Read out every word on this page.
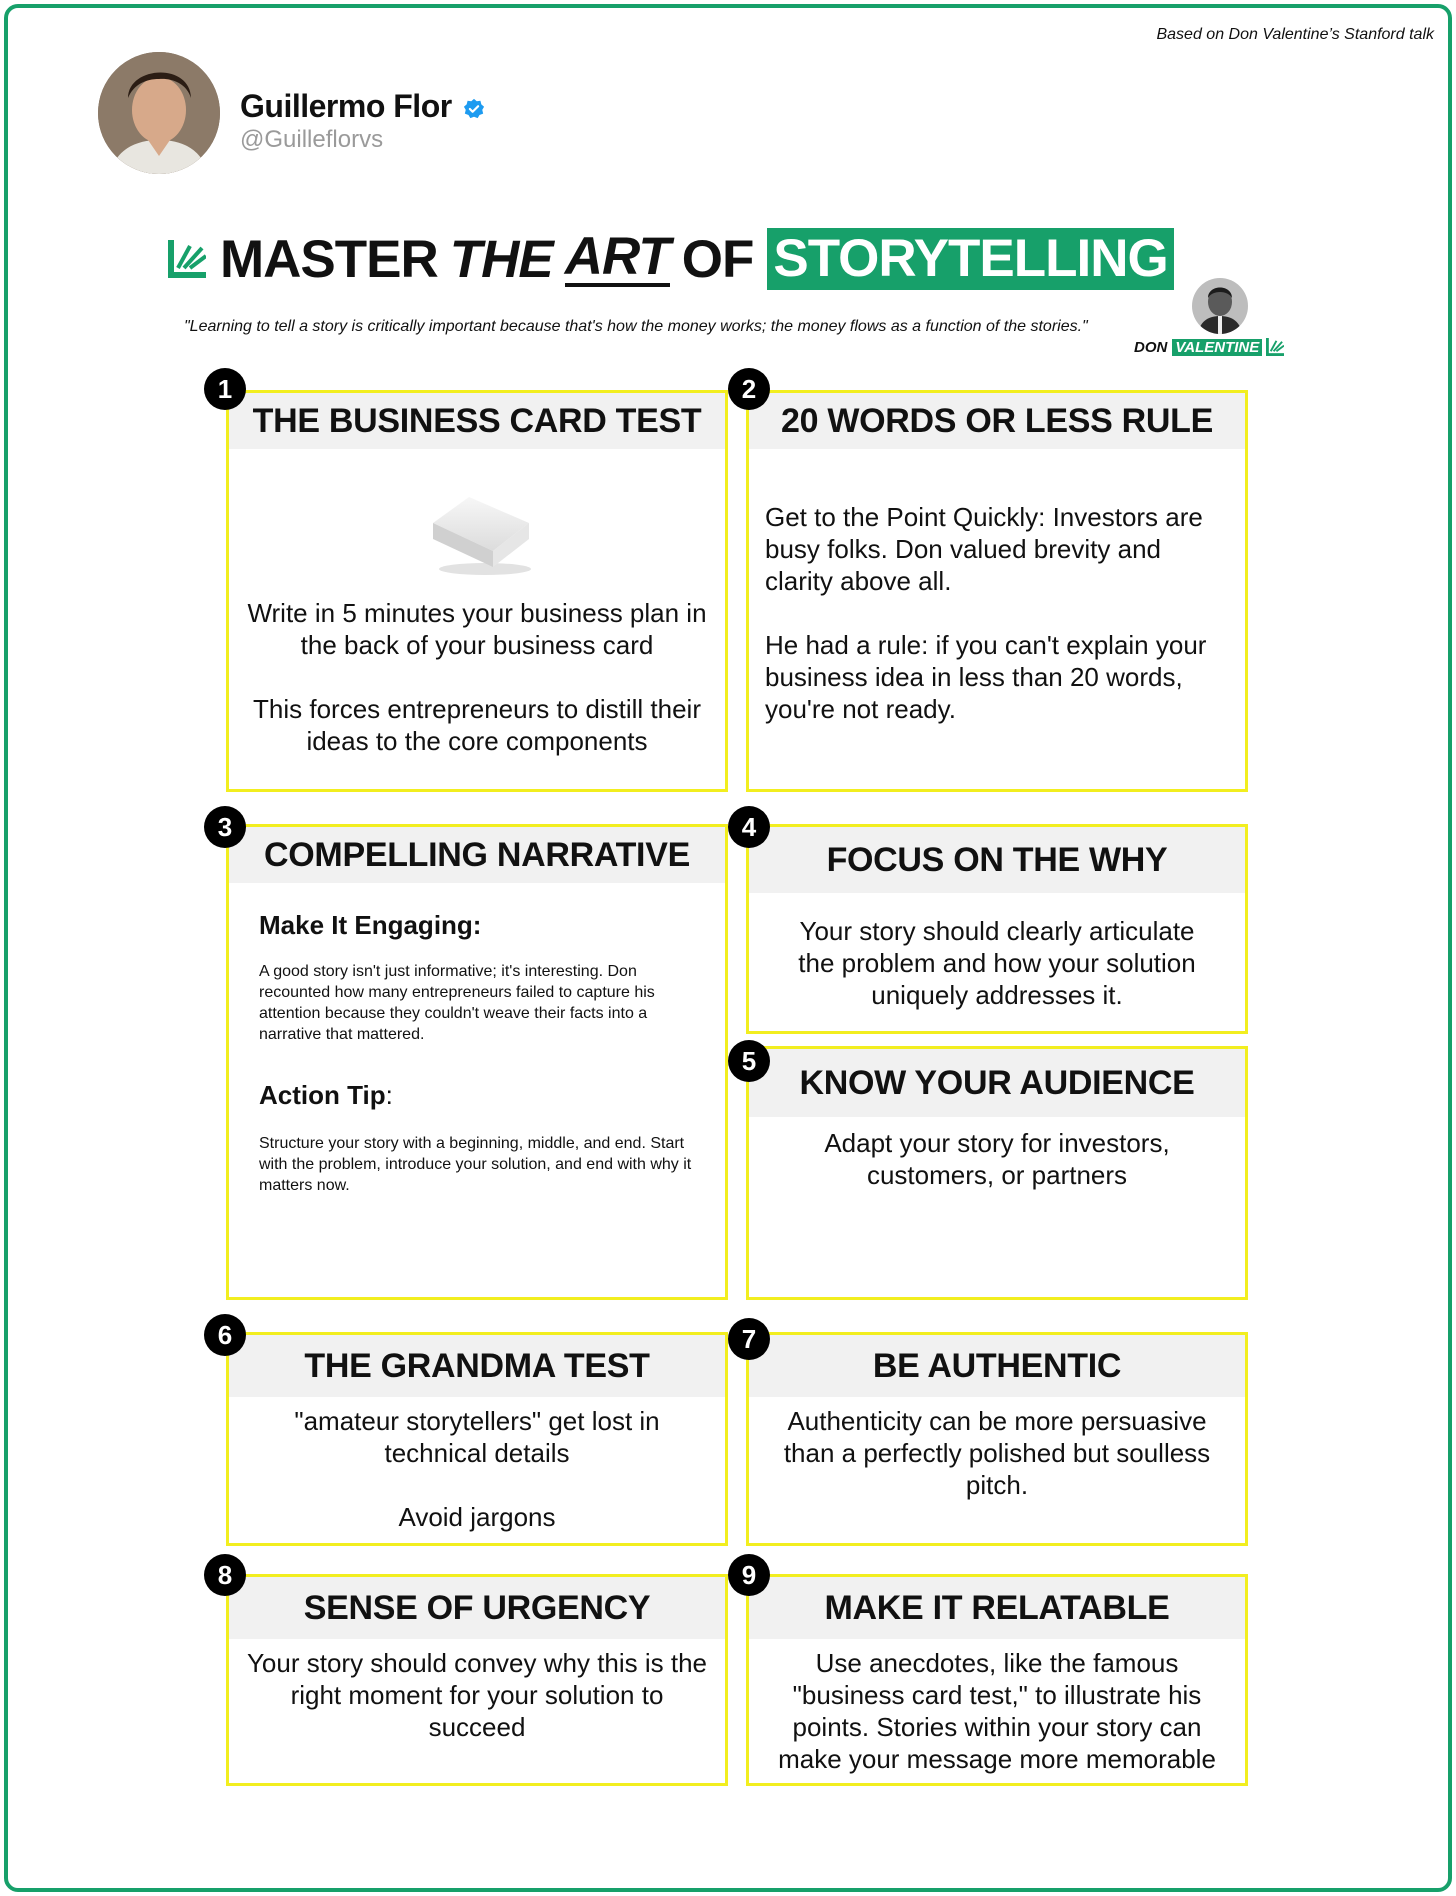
Based on Don Valentine’s Stanford talk
Guillermo Flor
@Guilleflorvs
MASTER THE ART OF STORYTELLING
"Learning to tell a story is critically important because that's how the money works; the money flows as a function of the stories."
DON VALENTINE
THE BUSINESS CARD TEST

Write in 5 minutes your business plan in the back of your business card

This forces entrepreneurs to distill their ideas to the core components

1
20 WORDS OR LESS RULE

Get to the Point Quickly: Investors are busy folks. Don valued brevity and clarity above all.

He had a rule: if you can't explain your business idea in less than 20 words, you're not ready.

2
COMPELLING NARRATIVE

Make It Engaging:

A good story isn't just informative; it's interesting. Don recounted how many entrepreneurs failed to capture his attention because they couldn't weave their facts into a narrative that mattered.

Action Tip:

Structure your story with a beginning, middle, and end. Start with the problem, introduce your solution, and end with why it matters now.

3
FOCUS ON THE WHY

Your story should clearly articulate the problem and how your solution uniquely addresses it.

4
KNOW YOUR AUDIENCE

Adapt your story for investors, customers, or partners

5
THE GRANDMA TEST

"amateur storytellers" get lost in technical details

Avoid jargons

6
BE AUTHENTIC

Authenticity can be more persuasive than a perfectly polished but soulless pitch.

7
SENSE OF URGENCY

Your story should convey why this is the right moment for your solution to succeed

8
MAKE IT RELATABLE

Use anecdotes, like the famous "business card test," to illustrate his points. Stories within your story can make your message more memorable

9
